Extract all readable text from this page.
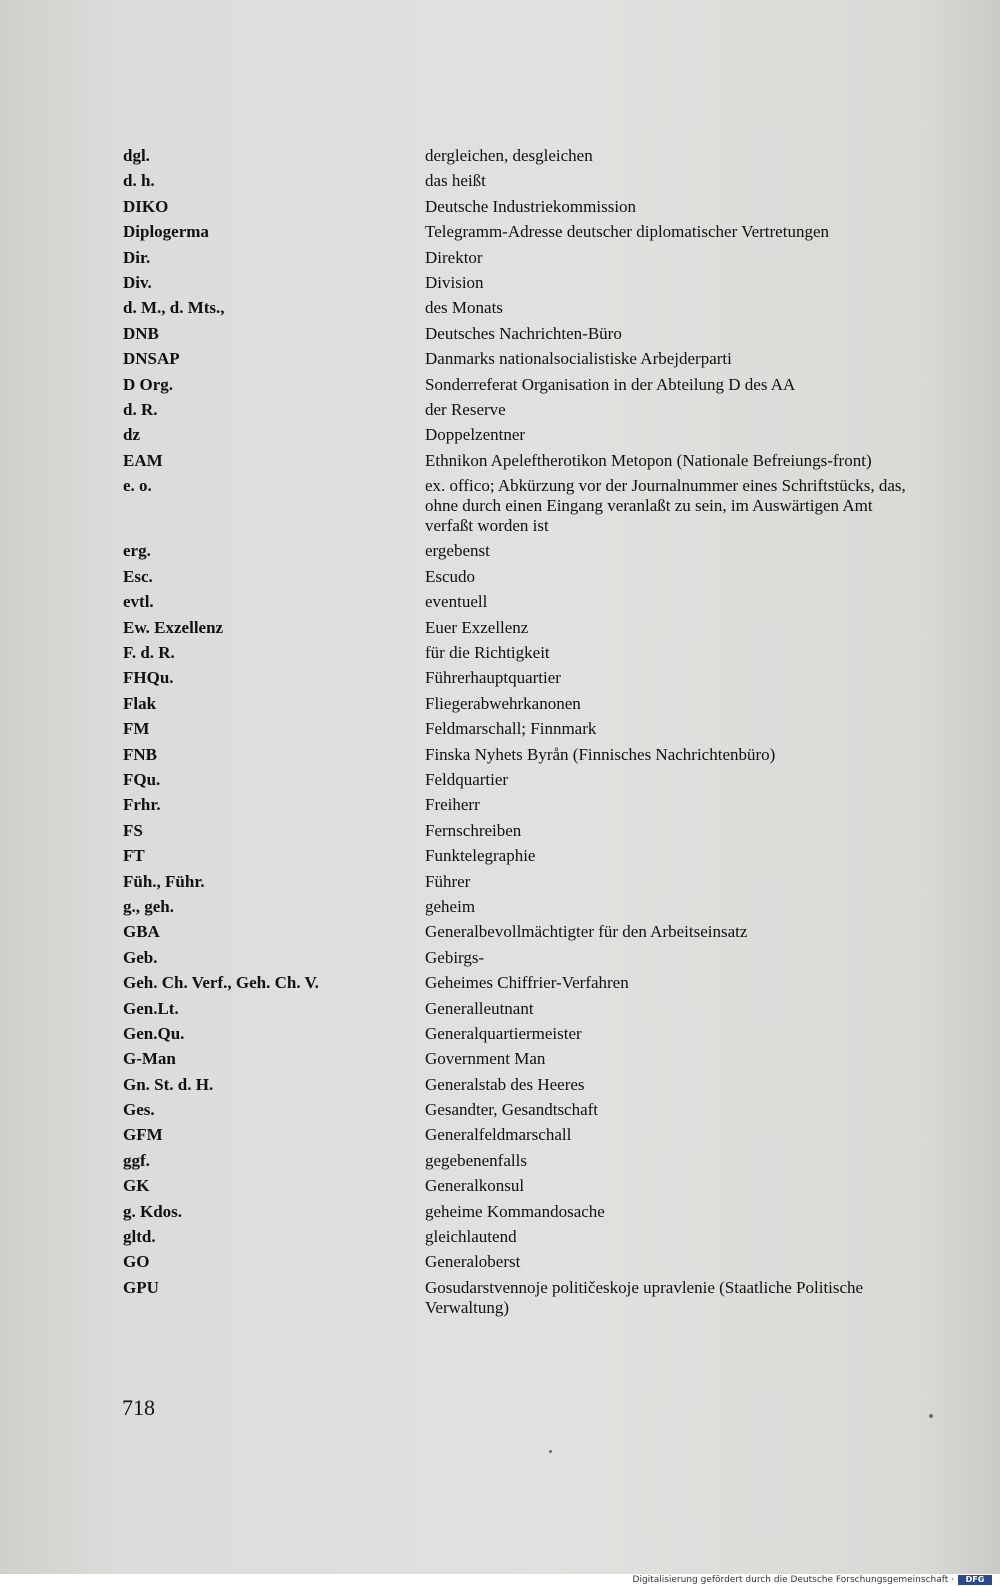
dgl.	dergleichen, desgleichen
d. h.	das heißt
DIKO	Deutsche Industriekommission
Diplogerma	Telegramm-Adresse deutscher diplomatischer Vertretungen
Dir.	Direktor
Div.	Division
d. M., d. Mts.,	des Monats
DNB	Deutsches Nachrichten-Büro
DNSAP	Danmarks nationalsocialistiske Arbejderparti
D Org.	Sonderreferat Organisation in der Abteilung D des AA
d. R.	der Reserve
dz	Doppelzentner
EAM	Ethnikon Apeleftherotikon Metopon (Nationale Befreiungs-front)
e. o.	ex. offico; Abkürzung vor der Journalnummer eines Schriftstücks, das, ohne durch einen Eingang veranlaßt zu sein, im Auswärtigen Amt verfaßt worden ist
erg.	ergebenst
Esc.	Escudo
evtl.	eventuell
Ew. Exzellenz	Euer Exzellenz
F. d. R.	für die Richtigkeit
FHQu.	Führerhauptquartier
Flak	Fliegerabwehrkanonen
FM	Feldmarschall; Finnmark
FNB	Finska Nyhets Byrån (Finnisches Nachrichtenbüro)
FQu.	Feldquartier
Frhr.	Freiherr
FS	Fernschreiben
FT	Funktelegraphie
Füh., Führ.	Führer
g., geh.	geheim
GBA	Generalbevollmächtigter für den Arbeitseinsatz
Geb.	Gebirgs-
Geh. Ch. Verf., Geh. Ch. V.	Geheimes Chiffrier-Verfahren
Gen.Lt.	Generalleutnant
Gen.Qu.	Generalquartiermeister
G-Man	Government Man
Gn. St. d. H.	Generalstab des Heeres
Ges.	Gesandter, Gesandtschaft
GFM	Generalfeldmarschall
ggf.	gegebenenfalls
GK	Generalkonsul
g. Kdos.	geheime Kommandosache
gltd.	gleichlautend
GO	Generaloberst
GPU	Gosudarstvennoje političeskoje upravlenie (Staatliche Politische Verwaltung)
718
Digitalisierung gefördert durch die Deutsche Forschungsgemeinschaft ·	DFG
